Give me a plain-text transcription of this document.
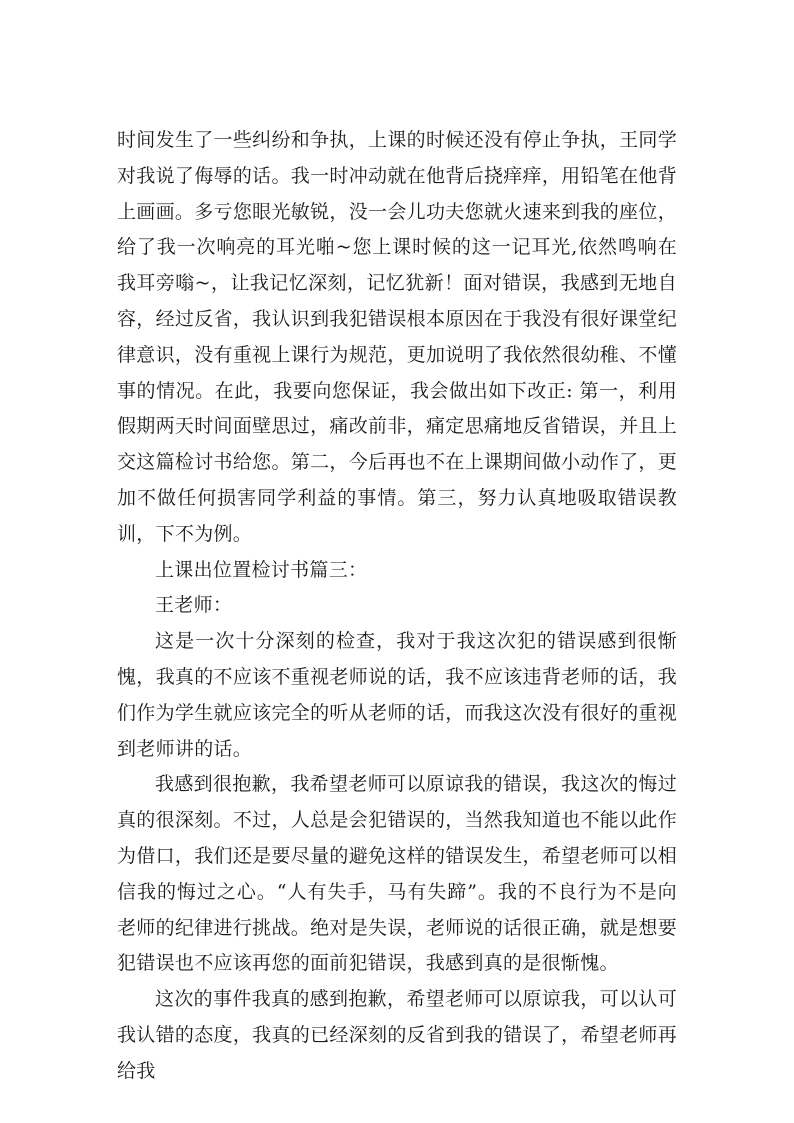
时间发生了一些纠纷和争执，上课的时候还没有停止争执，王同学对我说了侮辱的话。我一时冲动就在他背后挠痒痒，用铅笔在他背上画画。多亏您眼光敏锐，没一会儿功夫您就火速来到我的座位，给了我一次响亮的耳光啪~您上课时候的这一记耳光,依然鸣响在我耳旁嗡~，让我记忆深刻，记忆犹新！面对错误，我感到无地自容，经过反省，我认识到我犯错误根本原因在于我没有很好课堂纪律意识，没有重视上课行为规范，更加说明了我依然很幼稚、不懂事的情况。在此，我要向您保证，我会做出如下改正: 第一，利用假期两天时间面壁思过，痛改前非，痛定思痛地反省错误，并且上交这篇检讨书给您。第二，今后再也不在上课期间做小动作了，更加不做任何损害同学利益的事情。第三，努力认真地吸取错误教训，下不为例。

上课出位置检讨书篇三：

王老师：

这是一次十分深刻的检查，我对于我这次犯的错误感到很惭愧，我真的不应该不重视老师说的话，我不应该违背老师的话，我们作为学生就应该完全的听从老师的话，而我这次没有很好的重视到老师讲的话。

我感到很抱歉，我希望老师可以原谅我的错误，我这次的悔过真的很深刻。不过，人总是会犯错误的，当然我知道也不能以此作为借口，我们还是要尽量的避免这样的错误发生，希望老师可以相信我的悔过之心。“人有失手，马有失蹄”。我的不良行为不是向老师的纪律进行挑战。绝对是失误，老师说的话很正确，就是想要犯错误也不应该再您的面前犯错误，我感到真的是很惭愧。

这次的事件我真的感到抱歉，希望老师可以原谅我，可以认可我认错的态度，我真的已经深刻的反省到我的错误了，希望老师再给我
